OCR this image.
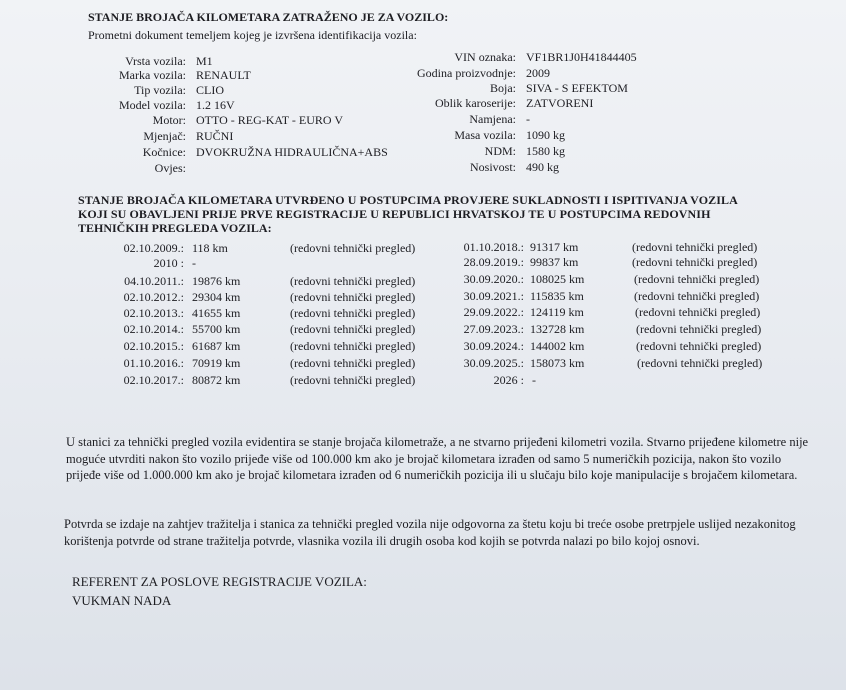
STANJE BROJAČA KILOMETARA ZATRAŽENO JE ZA VOZILO:
Prometni dokument temeljem kojeg je izvršena identifikacija vozila:
Vrsta vozila: M1
Marka vozila: RENAULT
Tip vozila: CLIO
Model vozila: 1.2 16V
Motor: OTTO - REG-KAT - EURO V
Mjenjač: RUČNI
Kočnice: DVOKRUŽNA HIDRAULIČNA+ABS
Ovjes:
VIN oznaka: VF1BR1J0H41844405
Godina proizvodnje: 2009
Boja: SIVA - S EFEKTOM
Oblik karoserije: ZATVORENI
Namjena: -
Masa vozila: 1090 kg
NDM: 1580 kg
Nosivost: 490 kg
STANJE BROJAČA KILOMETARA UTVRĐENO U POSTUPCIMA PROVJERE SUKLADNOSTI I ISPITIVANJA VOZILA
KOJI SU OBAVLJENI PRIJE PRVE REGISTRACIJE U REPUBLICI HRVATSKOJ TE U POSTUPCIMA REDOVNIH
TEHNIČKIH PREGLEDA VOZILA:
02.10.2009.: 118 km	(redovni tehnički pregled)
2010 : -
04.10.2011.: 19876 km	(redovni tehnički pregled)
02.10.2012.: 29304 km	(redovni tehnički pregled)
02.10.2013.: 41655 km	(redovni tehnički pregled)
02.10.2014.: 55700 km	(redovni tehnički pregled)
02.10.2015.: 61687 km	(redovni tehnički pregled)
01.10.2016.: 70919 km	(redovni tehnički pregled)
02.10.2017.: 80872 km	(redovni tehnički pregled)
01.10.2018.: 91317 km	(redovni tehnički pregled)
28.09.2019.: 99837 km	(redovni tehnički pregled)
30.09.2020.: 108025 km	(redovni tehnički pregled)
30.09.2021.: 115835 km	(redovni tehnički pregled)
29.09.2022.: 124119 km	(redovni tehnički pregled)
27.09.2023.: 132728 km	(redovni tehnički pregled)
30.09.2024.: 144002 km	(redovni tehnički pregled)
30.09.2025.: 158073 km	(redovni tehnički pregled)
2026 : -
U stanici za tehnički pregled vozila evidentira se stanje brojača kilometraže, a ne stvarno prijeđeni kilometri vozila. Stvarno prijeđene kilometre nije moguće utvrditi nakon što vozilo prijeđe više od 100.000 km ako je brojač kilometara izrađen od samo 5 numeričkih pozicija, nakon što vozilo prijeđe više od 1.000.000 km ako je brojač kilometara izrađen od 6 numeričkih pozicija ili u slučaju bilo koje manipulacije s brojačem kilometara.
Potvrda se izdaje na zahtjev tražitelja i stanica za tehnički pregled vozila nije odgovorna za štetu koju bi treće osobe pretrpjele uslijed nezakonitog korištenja potvrde od strane tražitelja potvrde, vlasnika vozila ili drugih osoba kod kojih se potvrda nalazi po bilo kojoj osnovi.
REFERENT ZA POSLOVE REGISTRACIJE VOZILA:
VUKMAN NADA
